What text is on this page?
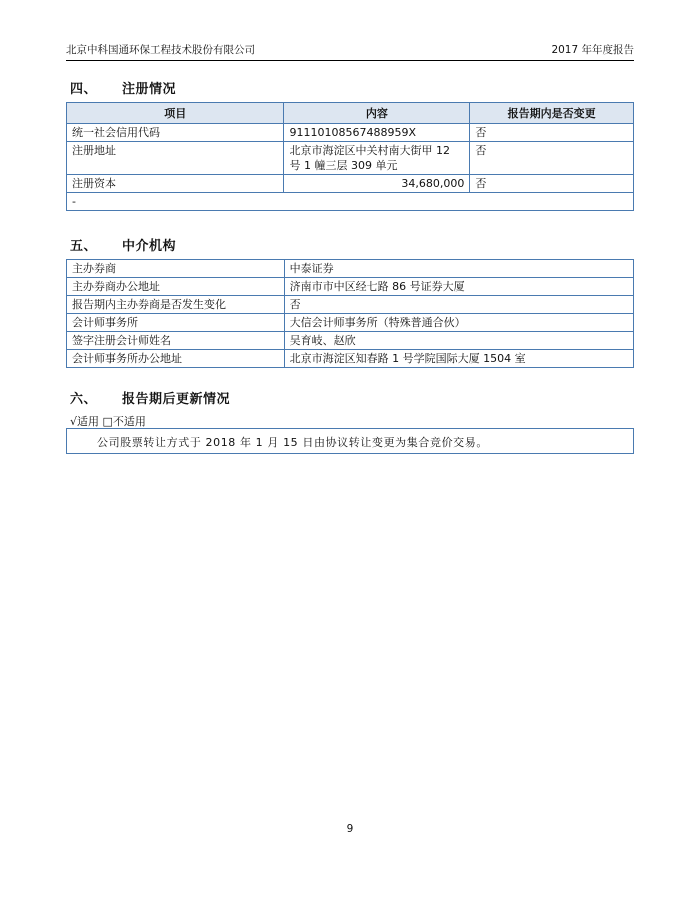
北京中科国通环保工程技术股份有限公司	2017 年年度报告
四、 注册情况
项目	内容	报告期内是否变更
统一社会信用代码	91110108567488959X	否
注册地址	北京市海淀区中关村南大街甲 12
号 1 幢三层 309 单元	否
注册资本	34,680,000	否
-		
五、 中介机构
主办券商	中泰证券
主办券商办公地址	济南市市中区经七路 86 号证券大厦
报告期内主办券商是否发生变化	否
会计师事务所	大信会计师事务所（特殊普通合伙）
签字注册会计师姓名	吴育岐、赵欣
会计师事务所办公地址	北京市海淀区知春路 1 号学院国际大厦 1504 室
六、 报告期后更新情况
√适用 □不适用
公司股票转让方式于 2018 年 1 月 15 日由协议转让变更为集合竞价交易。
9
